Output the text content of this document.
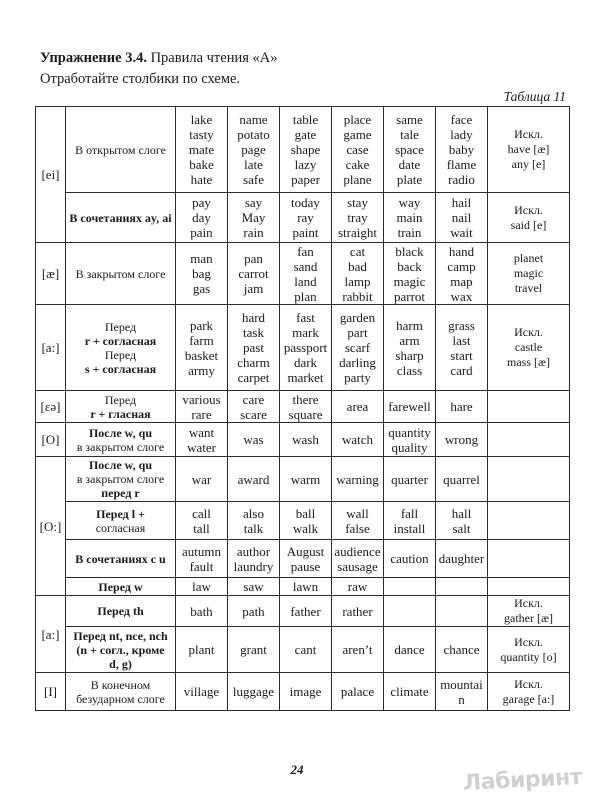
Упражнение 3.4. Правила чтения «А»
Отработайте столбики по схеме.
Таблица 11
[ei]	В открытом слоге	lake
tasty
mate
bake
hate	name
potato
page
late
safe	table
gate
shape
lazy
paper	place
game
case
cake
plane	same
tale
space
date
plate	face
lady
baby
flame
radio	Искл.
have [æ]
any [e]

	В сочетаниях ay, ai	pay
day
pain	say
May
rain	today
ray
paint	stay
tray
straight	way
main
train	hail
nail
wait	Искл.
said [e]

[æ]	В закрытом слоге	man
bag
gas	pan
carrot
jam	fan
sand
land
plan	cat
bad
lamp
rabbit	black
back
magic
parrot	hand
camp
map
wax	planet
magic
travel

[a:]	Перед
r + согласная
Перед
s + согласная	park
farm
basket
army	hard
task
past
charm
carpet	fast
mark
passport
dark
market	garden
part
scarf
darling
party	harm
arm
sharp
class	grass
last
start
card	Искл.
castle
mass [æ]

[ɛə]	Перед
r + гласная	various
rare	care
scare	there
square	area	farewell	hare	

[O]	После w, qu
в закрытом слоге	want
water	was	wash	watch	quantity
quality	wrong	

[O:]	После w, qu
в закрытом слоге
перед r	war	award	warm	warning	quarter	quarrel	

	Перед l +
согласная	call
tall	also
talk	ball
walk	wall
false	fall
install	hall
salt	

	В сочетаниях с u	autumn
fault	author
laundry	August
pause	audience
sausage	caution	daughter	

	Перед w	law	saw	lawn	raw			

[a:]	Перед th	bath	path	father	rather			Искл.
gather [æ]

	Перед nt, nce, nch
(n + согл., кроме
d, g)	plant	grant	cant	aren’t	dance	chance	Искл.
quantity [o]

[I]	В конечном
безударном слоге	village	luggage	image	palace	climate	mountai
n	Искл.
garage [a:]
24	Лабиринт
